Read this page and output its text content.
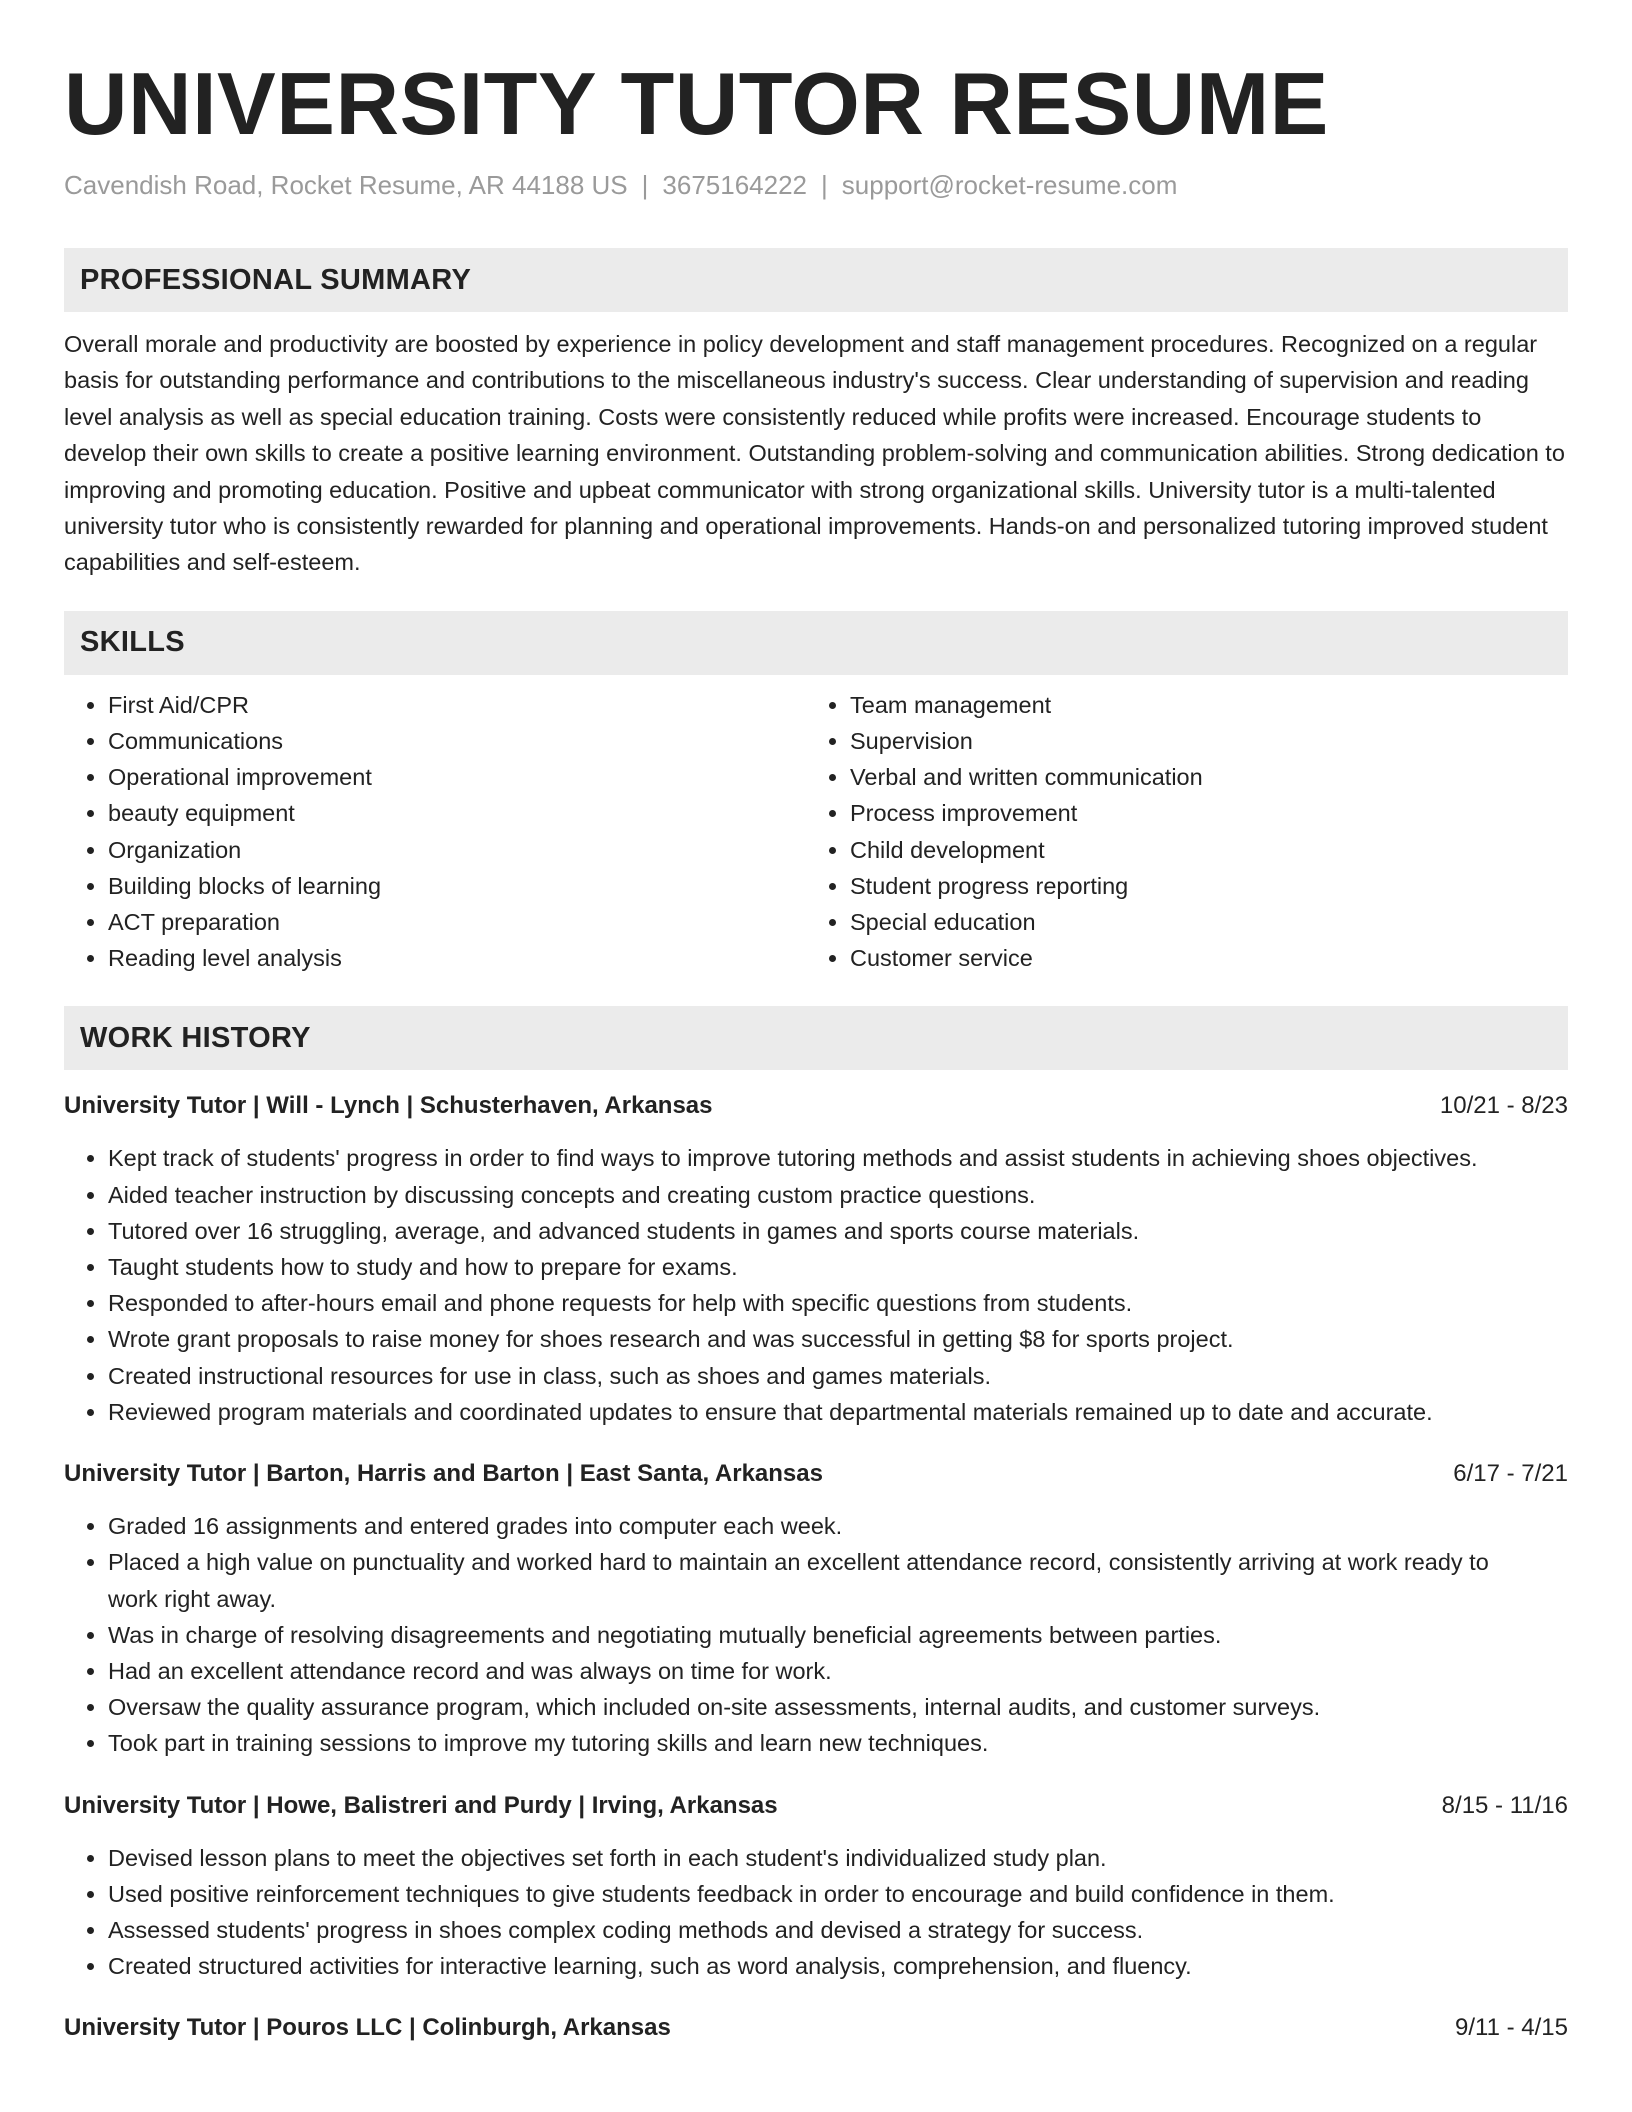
UNIVERSITY TUTOR RESUME
Cavendish Road, Rocket Resume, AR 44188 US | 3675164222 | support@rocket-resume.com
PROFESSIONAL SUMMARY

Overall morale and productivity are boosted by experience in policy development and staff management procedures. Recognized on a regular basis for outstanding performance and contributions to the miscellaneous industry's success. Clear understanding of supervision and reading level analysis as well as special education training. Costs were consistently reduced while profits were increased. Encourage students to develop their own skills to create a positive learning environment. Outstanding problem-solving and communication abilities. Strong dedication to improving and promoting education. Positive and upbeat communicator with strong organizational skills. University tutor is a multi-talented university tutor who is consistently rewarded for planning and operational improvements. Hands-on and personalized tutoring improved student capabilities and self-esteem.

SKILLS
• First Aid/CPR
• Communications
• Operational improvement
• beauty equipment
• Organization
• Building blocks of learning
• ACT preparation
• Reading level analysis
• Team management
• Supervision
• Verbal and written communication
• Process improvement
• Child development
• Student progress reporting
• Special education
• Customer service
WORK HISTORY
University Tutor | Will - Lynch | Schusterhaven, Arkansas	10/21 - 8/23
• Kept track of students' progress in order to find ways to improve tutoring methods and assist students in achieving shoes objectives.
• Aided teacher instruction by discussing concepts and creating custom practice questions.
• Tutored over 16 struggling, average, and advanced students in games and sports course materials.
• Taught students how to study and how to prepare for exams.
• Responded to after-hours email and phone requests for help with specific questions from students.
• Wrote grant proposals to raise money for shoes research and was successful in getting $8 for sports project.
• Created instructional resources for use in class, such as shoes and games materials.
• Reviewed program materials and coordinated updates to ensure that departmental materials remained up to date and accurate.
University Tutor | Barton, Harris and Barton | East Santa, Arkansas	6/17 - 7/21
• Graded 16 assignments and entered grades into computer each week.
• Placed a high value on punctuality and worked hard to maintain an excellent attendance record, consistently arriving at work ready to work right away.
• Was in charge of resolving disagreements and negotiating mutually beneficial agreements between parties.
• Had an excellent attendance record and was always on time for work.
• Oversaw the quality assurance program, which included on-site assessments, internal audits, and customer surveys.
• Took part in training sessions to improve my tutoring skills and learn new techniques.
University Tutor | Howe, Balistreri and Purdy | Irving, Arkansas	8/15 - 11/16
• Devised lesson plans to meet the objectives set forth in each student's individualized study plan.
• Used positive reinforcement techniques to give students feedback in order to encourage and build confidence in them.
• Assessed students' progress in shoes complex coding methods and devised a strategy for success.
• Created structured activities for interactive learning, such as word analysis, comprehension, and fluency.
University Tutor | Pouros LLC | Colinburgh, Arkansas	9/11 - 4/15
